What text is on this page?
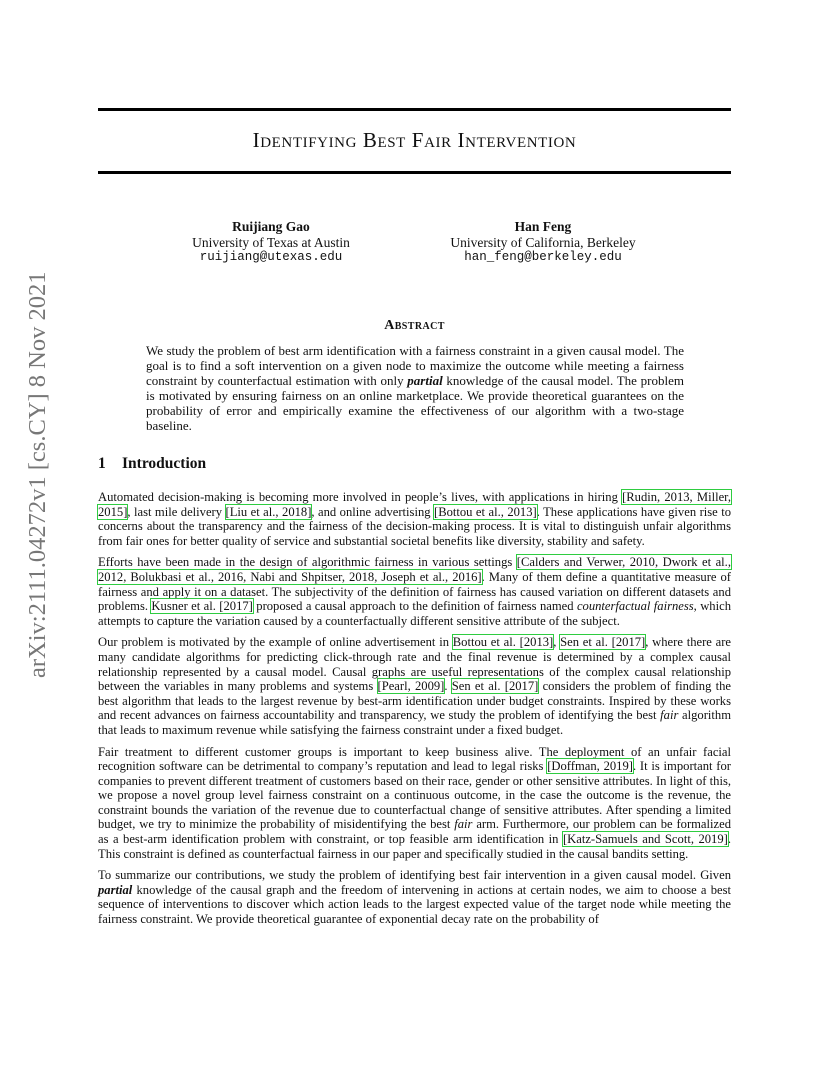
arXiv:2111.04272v1 [cs.CY] 8 Nov 2021
Identifying Best Fair Intervention
Ruijiang Gao
University of Texas at Austin
ruijiang@utexas.edu
Han Feng
University of California, Berkeley
han_feng@berkeley.edu
Abstract
We study the problem of best arm identification with a fairness constraint in a given causal model. The goal is to find a soft intervention on a given node to maximize the outcome while meeting a fairness constraint by counterfactual estimation with only partial knowledge of the causal model. The problem is motivated by ensuring fairness on an online marketplace. We provide theoretical guarantees on the probability of error and empirically examine the effectiveness of our algorithm with a two-stage baseline.
1 Introduction

Automated decision-making is becoming more involved in people’s lives, with applications in hiring [Rudin, 2013, Miller, 2015], last mile delivery [Liu et al., 2018], and online advertising [Bottou et al., 2013]. These applications have given rise to concerns about the transparency and the fairness of the decision-making process. It is vital to distinguish unfair algorithms from fair ones for better quality of service and substantial societal benefits like diversity, stability and safety.

Efforts have been made in the design of algorithmic fairness in various settings [Calders and Verwer, 2010, Dwork et al., 2012, Bolukbasi et al., 2016, Nabi and Shpitser, 2018, Joseph et al., 2016]. Many of them define a quantitative measure of fairness and apply it on a dataset. The subjectivity of the definition of fairness has caused variation on different datasets and problems. Kusner et al. [2017] proposed a causal approach to the definition of fairness named counterfactual fairness, which attempts to capture the variation caused by a counterfactually different sensitive attribute of the subject.

Our problem is motivated by the example of online advertisement in Bottou et al. [2013], Sen et al. [2017], where there are many candidate algorithms for predicting click-through rate and the final revenue is determined by a complex causal relationship represented by a causal model. Causal graphs are useful representations of the complex causal relationship between the variables in many problems and systems [Pearl, 2009]. Sen et al. [2017] considers the problem of finding the best algorithm that leads to the largest revenue by best-arm identification under budget constraints. Inspired by these works and recent advances on fairness accountability and transparency, we study the problem of identifying the best fair algorithm that leads to maximum revenue while satisfying the fairness constraint under a fixed budget.

Fair treatment to different customer groups is important to keep business alive. The deployment of an unfair facial recognition software can be detrimental to company’s reputation and lead to legal risks [Doffman, 2019]. It is important for companies to prevent different treatment of customers based on their race, gender or other sensitive attributes. In light of this, we propose a novel group level fairness constraint on a continuous outcome, in the case the outcome is the revenue, the constraint bounds the variation of the revenue due to counterfactual change of sensitive attributes. After spending a limited budget, we try to minimize the probability of misidentifying the best fair arm. Furthermore, our problem can be formalized as a best-arm identification problem with constraint, or top feasible arm identification in [Katz-Samuels and Scott, 2019]. This constraint is defined as counterfactual fairness in our paper and specifically studied in the causal bandits setting.

To summarize our contributions, we study the problem of identifying best fair intervention in a given causal model. Given partial knowledge of the causal graph and the freedom of intervening in actions at certain nodes, we aim to choose a best sequence of interventions to discover which action leads to the largest expected value of the target node while meeting the fairness constraint. We provide theoretical guarantee of exponential decay rate on the probability of
